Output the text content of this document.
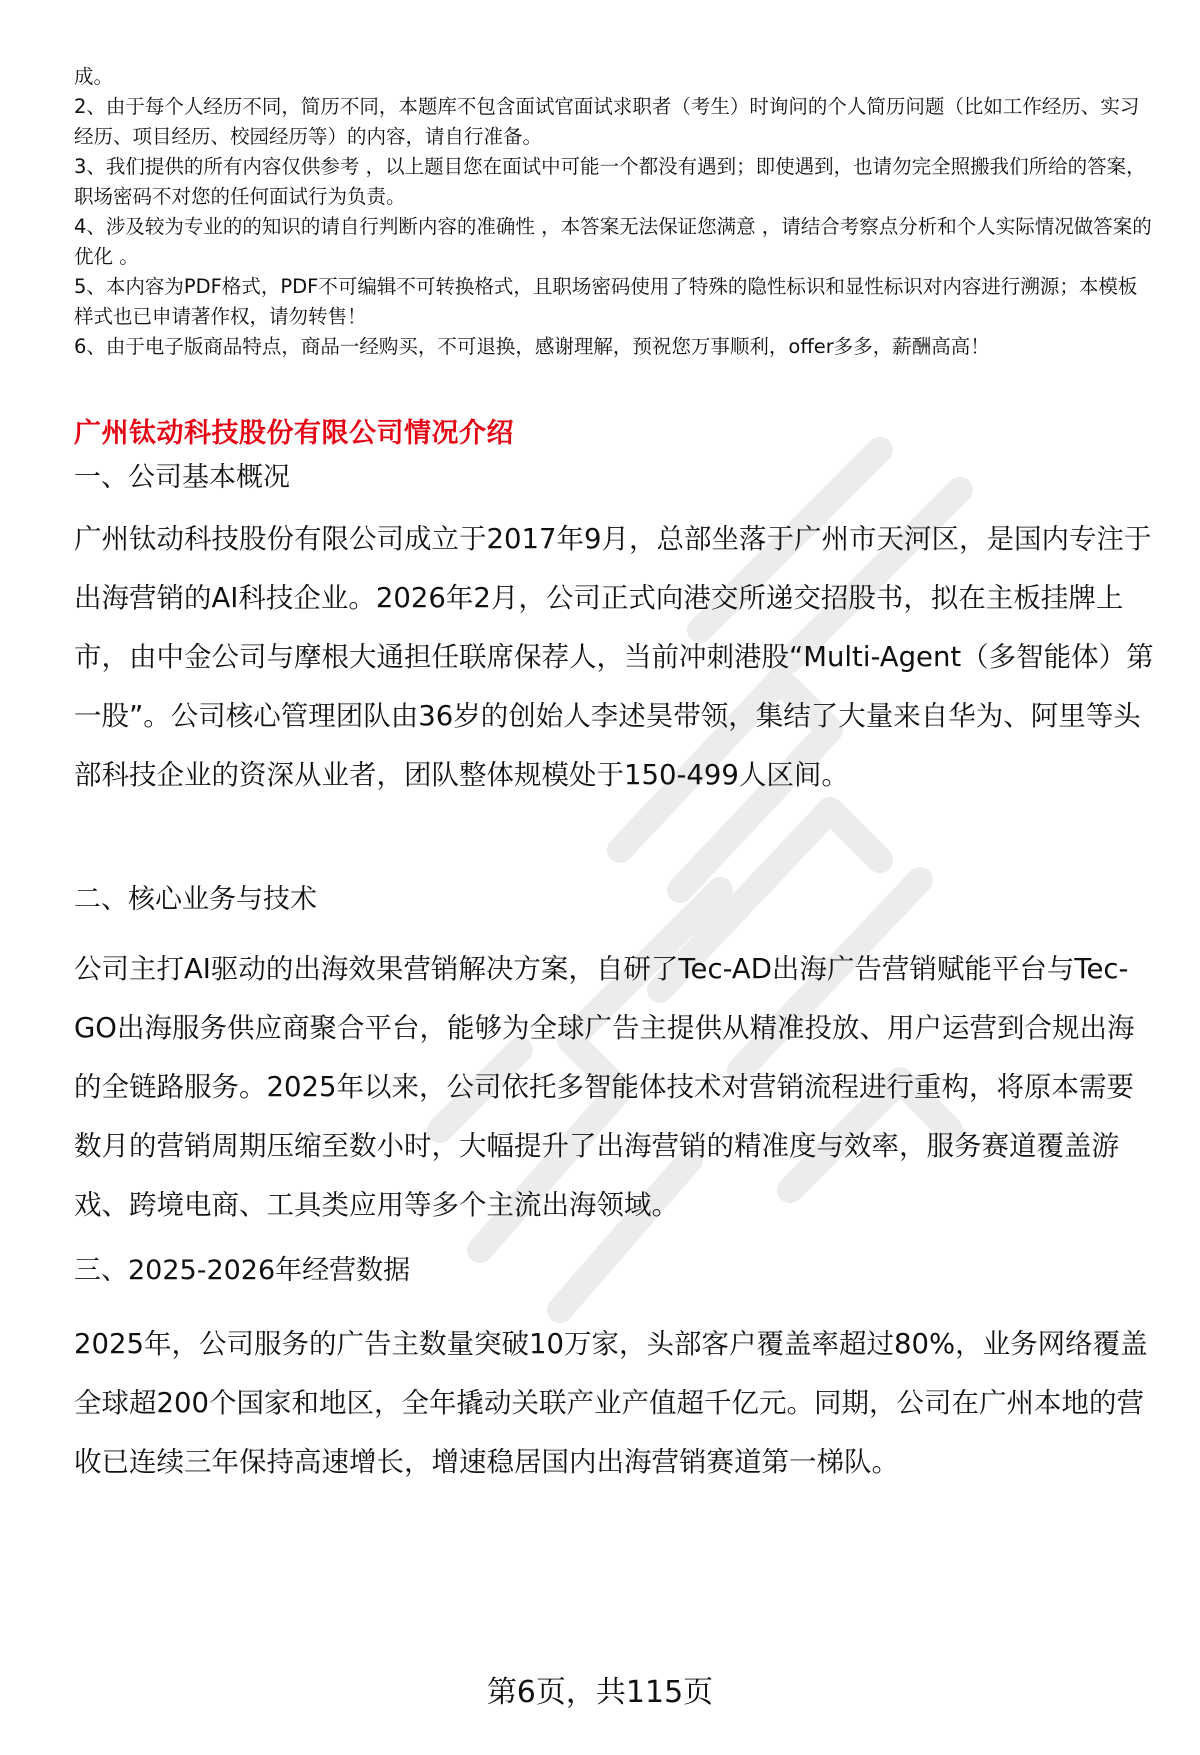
成。

2、由于每个人经历不同，简历不同，本题库不包含面试官面试求职者（考生）时询问的个人简历问题（比如工作经历、实习经历、项目经历、校园经历等）的内容，请自行准备。

3、我们提供的所有内容仅供参考 ，以上题目您在面试中可能一个都没有遇到；即使遇到，也请勿完全照搬我们所给的答案，职场密码不对您的任何面试行为负责。

4、涉及较为专业的的知识的请自行判断内容的准确性 ，本答案无法保证您满意 ，请结合考察点分析和个人实际情况做答案的优化 。

5、本内容为PDF格式，PDF不可编辑不可转换格式，且职场密码使用了特殊的隐性标识和显性标识对内容进行溯源；本模板样式也已申请著作权，请勿转售！

6、由于电子版商品特点，商品一经购买，不可退换，感谢理解，预祝您万事顺利，offer多多，薪酬高高！

广州钛动科技股份有限公司情况介绍
一、公司基本概况

广州钛动科技股份有限公司成立于2017年9月，总部坐落于广州市天河区，是国内专注于出海营销的AI科技企业。2026年2月，公司正式向港交所递交招股书，拟在主板挂牌上市，由中金公司与摩根大通担任联席保荐人，当前冲刺港股“Multi-Agent（多智能体）第一股”。公司核心管理团队由36岁的创始人李述昊带领，集结了大量来自华为、阿里等头部科技企业的资深从业者，团队整体规模处于150-499人区间。

二、核心业务与技术

公司主打AI驱动的出海效果营销解决方案，自研了Tec-AD出海广告营销赋能平台与Tec-GO出海服务供应商聚合平台，能够为全球广告主提供从精准投放、用户运营到合规出海的全链路服务。2025年以来，公司依托多智能体技术对营销流程进行重构，将原本需要数月的营销周期压缩至数小时，大幅提升了出海营销的精准度与效率，服务赛道覆盖游戏、跨境电商、工具类应用等多个主流出海领域。

三、2025-2026年经营数据

2025年，公司服务的广告主数量突破10万家，头部客户覆盖率超过80%，业务网络覆盖全球超200个国家和地区，全年撬动关联产业产值超千亿元。同期，公司在广州本地的营收已连续三年保持高速增长，增速稳居国内出海营销赛道第一梯队。

第6页，共115页
